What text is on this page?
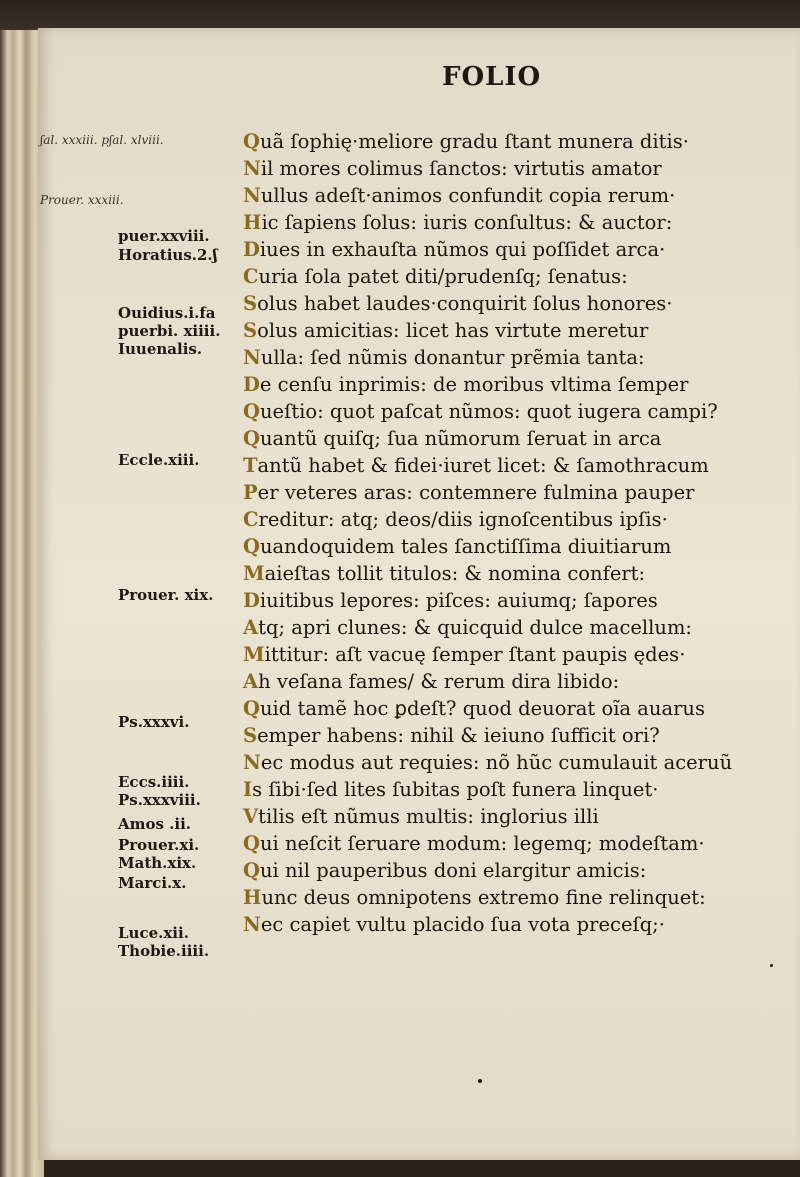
FOLIO
ʃal. xxxiii. pʃal. xlviii.
Prouer. xxxiii.
puer.xxviii.
Horatius.2.ʃ
Ouidius.i.fa
puerbi. xiiii.
Iuuenalis.
Eccle.xiii.
Prouer. xix.
Ps.xxxvi.
Eccs.iiii.
Ps.xxxviii.
Amos .ii.
Prouer.xi.
Math.xix.
Marci.x.
Luce.xii.
Thobie.iiii.
Quã ſophię·meliore gradu ſtant munera ditis·
Nil mores colimus ſanctos: virtutis amator
Nullus adeſt·animos confundit copia rerum·
Hic ſapiens ſolus: iuris conſultus: & auctor:
Diues in exhauſta nũmos qui poſſidet arca·
Curia ſola patet diti/prudenſq; ſenatus:
Solus habet laudes·conquirit ſolus honores·
Solus amicitias: licet has virtute meretur
Nulla: ſed nũmis donantur prẽmia tanta:
De cenſu inprimis: de moribus vltima ſemper
Queſtio: quot paſcat nũmos: quot iugera campi?
Quantũ quiſq; ſua nũmorum ſeruat in arca
Tantũ habet & fidei·iuret licet: & ſamothracum
Per veteres aras: contemnere fulmina pauper
Creditur: atq; deos/diis ignoſcentibus ipſis·
Quandoquidem tales ſanctiſſima diuitiarum
Maieſtas tollit titulos: & nomina confert:
Diuitibus lepores: piſces: auiumq; ſapores
Atq; apri clunes: & quicquid dulce macellum:
Mittitur: aſt vacuę ſemper ſtant paupis ędes·
Ah veſana fames/ & rerum dira libido:
Quid tamẽ hoc ꝑdeſt? quod deuorat oĩa auarus
Semper habens: nihil & ieiuno ſufficit ori?
Nec modus aut requies: nõ hũc cumulauit aceruũ
Is ſibi·ſed lites ſubitas poſt funera linquet·
Vtilis eſt nũmus multis: inglorius illi
Qui neſcit ſeruare modum: legemq; modeſtam·
Qui nil pauperibus doni elargitur amicis:
Hunc deus omnipotens extremo fine relinquet:
Nec capiet vultu placido ſua vota preceſq;·
